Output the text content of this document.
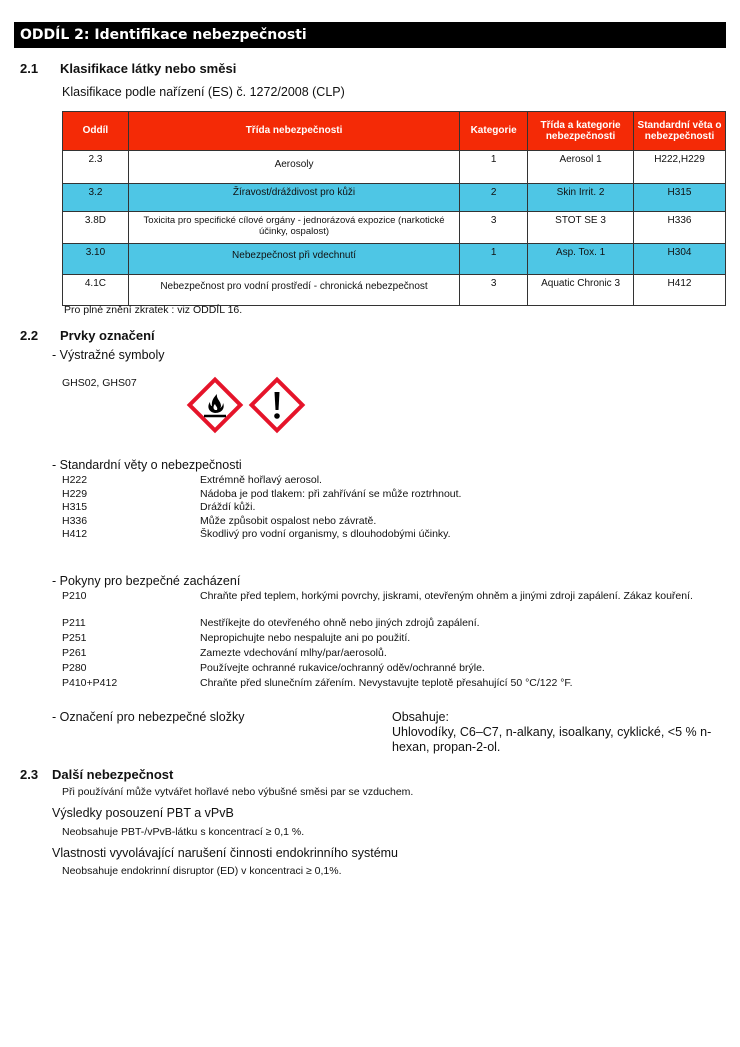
ODDÍL 2: Identifikace nebezpečnosti
2.1 Klasifikace látky nebo směsi
Klasifikace podle nařízení (ES) č. 1272/2008 (CLP)
Oddíl	Třída nebezpečnosti	Kategorie	Třída a kategorie nebezpečnosti	Standardní věta o nebezpečnosti
2.3	Aerosoly	1	Aerosol 1	H222,H229
3.2	Žíravost/dráždivost pro kůži	2	Skin Irrit. 2	H315
3.8D	Toxicita pro specifické cílové orgány - jednorázová expozice (narkotické účinky, ospalost)	3	STOT SE 3	H336
3.10	Nebezpečnost při vdechnutí	1	Asp. Tox. 1	H304
4.1C	Nebezpečnost pro vodní prostředí - chronická nebezpečnost	3	Aquatic Chronic 3	H412
Pro plné znění zkratek : viz ODDÍL 16.
2.2 Prvky označení
- Výstražné symboly
GHS02, GHS07
- Standardní věty o nebezpečnosti
H222	Extrémně hořlavý aerosol.
H229	Nádoba je pod tlakem: při zahřívání se může roztrhnout.
H315	Dráždí kůži.
H336	Může způsobit ospalost nebo závratě.
H412	Škodlivý pro vodní organismy, s dlouhodobými účinky.
- Pokyny pro bezpečné zacházení
P210	Chraňte před teplem, horkými povrchy, jiskrami, otevřeným ohněm a jinými zdroji zapálení. Zákaz kouření.
P211	Nestříkejte do otevřeného ohně nebo jiných zdrojů zapálení.
P251	Nepropichujte nebo nespalujte ani po použití.
P261	Zamezte vdechování mlhy/par/aerosolů.
P280	Používejte ochranné rukavice/ochranný oděv/ochranné brýle.
P410+P412	Chraňte před slunečním zářením. Nevystavujte teplotě přesahující 50 °C/122 °F.
- Označení pro nebezpečné složky	Obsahuje:
Uhlovodíky, C6–C7, n-alkany, isoalkany, cyklické, <5 % n-hexan, propan-2-ol.
2.3 Další nebezpečnost
Při používání může vytvářet hořlavé nebo výbušné směsi par se vzduchem.
Výsledky posouzení PBT a vPvB
Neobsahuje PBT-/vPvB-látku s koncentrací ≥ 0,1 %.
Vlastnosti vyvolávající narušení činnosti endokrinního systému
Neobsahuje endokrinní disruptor (ED) v koncentraci ≥ 0,1%.
